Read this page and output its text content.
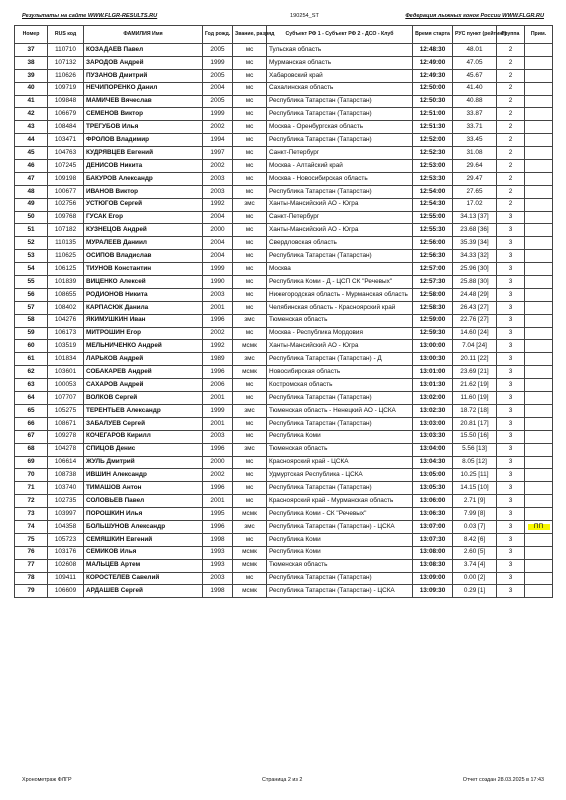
Результаты на сайте WWW.FLGR-RESULTS.RU	190254_ST	Федерация лыжных гонок России WWW.FLGR.RU
Номер	RUS код	ФАМИЛИЯ Имя	Год рожд.	Звание, разряд	Субъект РФ 1 - Субъект РФ 2 - ДСО - Клуб	Время старта	РУС пункт (рейтинг)	Группа	Прим.
37	110710	КОЗАДАЕВ Павел	2005	мс	Тульская область	12:48:30	48.01	2	
38	107132	ЗАРОДОВ Андрей	1999	мс	Мурманская область	12:49:00	47.05	2	
39	110626	ПУЗАНОВ Дмитрий	2005	мс	Хабаровский край	12:49:30	45.67	2	
40	109719	НЕЧИПОРЕНКО Данил	2004	мс	Сахалинская область	12:50:00	41.40	2	
41	109848	МАМИЧЕВ Вячеслав	2005	мс	Республика Татарстан (Татарстан)	12:50:30	40.88	2	
42	106679	СЕМЕНОВ Виктор	1999	мс	Республика Татарстан (Татарстан)	12:51:00	33.87	2	
43	108484	ТРЕГУБОВ Илья	2002	мс	Москва - Оренбургская область	12:51:30	33.71	2	
44	103471	ФРОЛОВ Владимир	1994	мс	Республика Татарстан (Татарстан)	12:52:00	33.45	2	
45	104763	КУДРЯВЦЕВ Евгений	1997	мс	Санкт-Петербург	12:52:30	31.08	2	
46	107245	ДЕНИСОВ Никита	2002	мс	Москва - Алтайский край	12:53:00	29.64	2	
47	109198	БАКУРОВ Александр	2003	мс	Москва - Новосибирская область	12:53:30	29.47	2	
48	100677	ИВАНОВ Виктор	2003	мс	Республика Татарстан (Татарстан)	12:54:00	27.65	2	
49	102756	УСТЮГОВ Сергей	1992	змс	Ханты-Мансийский АО - Югра	12:54:30	17.02	2	
50	109768	ГУСАК Егор	2004	мс	Санкт-Петербург	12:55:00	34.13 [37]	3	
51	107182	КУЗНЕЦОВ Андрей	2000	мс	Ханты-Мансийский АО - Югра	12:55:30	23.68 [36]	3	
52	110135	МУРАЛЕЕВ Даниил	2004	мс	Свердловская область	12:56:00	35.39 [34]	3	
53	110625	ОСИПОВ Владислав	2004	мс	Республика Татарстан (Татарстан)	12:56:30	34.33 [32]	3	
54	106125	ТИУНОВ Константин	1999	мс	Москва	12:57:00	25.96 [30]	3	
55	101839	ВИЦЕНКО Алексей	1990	мс	Республика Коми - Д - ЦСП СК "Речевых"	12:57:30	25.88 [30]	3	
56	108655	РОДИОНОВ Никита	2003	мс	Нижегородская область - Мурманская область	12:58:00	24.48 [29]	3	
57	108402	КАРПАСЮК Данила	2001	мс	Челябинская область - Красноярский край	12:58:30	26.43 [27]	3	
58	104276	ЯКИМУШКИН Иван	1996	змс	Тюменская область	12:59:00	22.76 [27]	3	
59	106173	МИТРОШИН Егор	2002	мс	Москва - Республика Мордовия	12:59:30	14.60 [24]	3	
60	103519	МЕЛЬНИЧЕНКО Андрей	1992	мсмк	Ханты-Мансийский АО - Югра	13:00:00	7.04 [24]	3	
61	101834	ЛАРЬКОВ Андрей	1989	змс	Республика Татарстан (Татарстан) - Д	13:00:30	20.11 [22]	3	
62	103601	СОБАКАРЕВ Андрей	1996	мсмк	Новосибирская область	13:01:00	23.69 [21]	3	
63	100053	САХАРОВ Андрей	2006	мс	Костромская область	13:01:30	21.62 [19]	3	
64	107707	ВОЛКОВ Сергей	2001	мс	Республика Татарстан (Татарстан)	13:02:00	11.60 [19]	3	
65	105275	ТЕРЕНТЬЕВ Александр	1999	змс	Тюменская область - Ненецкий АО - ЦСКА	13:02:30	18.72 [18]	3	
66	108671	ЗАБАЛУЕВ Сергей	2001	мс	Республика Татарстан (Татарстан)	13:03:00	20.81 [17]	3	
67	109278	КОЧЕГАРОВ Кирилл	2003	мс	Республика Коми	13:03:30	15.50 [16]	3	
68	104278	СПИЦОВ Денис	1996	змс	Тюменская область	13:04:00	5.56 [13]	3	
69	106614	ЖУЛЬ Дмитрий	2000	мс	Красноярский край - ЦСКА	13:04:30	8.05 [12]	3	
70	108738	ИВШИН Александр	2002	мс	Удмуртская Республика - ЦСКА	13:05:00	10.25 [11]	3	
71	103740	ТИМАШОВ Антон	1996	мс	Республика Татарстан (Татарстан)	13:05:30	14.15 [10]	3	
72	102735	СОЛОВЬЕВ Павел	2001	мс	Красноярский край - Мурманская область	13:06:00	2.71 [9]	3	
73	103997	ПОРОШКИН Илья	1995	мсмк	Республика Коми - СК "Речевых"	13:06:30	7.99 [8]	3	
74	104358	БОЛЬШУНОВ Александр	1996	змс	Республика Татарстан (Татарстан) - ЦСКА	13:07:00	0.03 [7]	3	ПП
75	105723	СЕМЯШКИН Евгений	1998	мс	Республика Коми	13:07:30	8.42 [6]	3	
76	103176	СЕМИКОВ Илья	1993	мсмк	Республика Коми	13:08:00	2.60 [5]	3	
77	102608	МАЛЬЦЕВ Артем	1993	мсмк	Тюменская область	13:08:30	3.74 [4]	3	
78	109411	КОРОСТЕЛЕВ Савелий	2003	мс	Республика Татарстан (Татарстан)	13:09:00	0.00 [2]	3	
79	106609	АРДАШЕВ Сергей	1998	мсмк	Республика Татарстан (Татарстан) - ЦСКА	13:09:30	0.29 [1]	3	
Хронометраж ФЛГР	Страница 2 из 2	Отчет создан 28.03.2025 в 17:43
